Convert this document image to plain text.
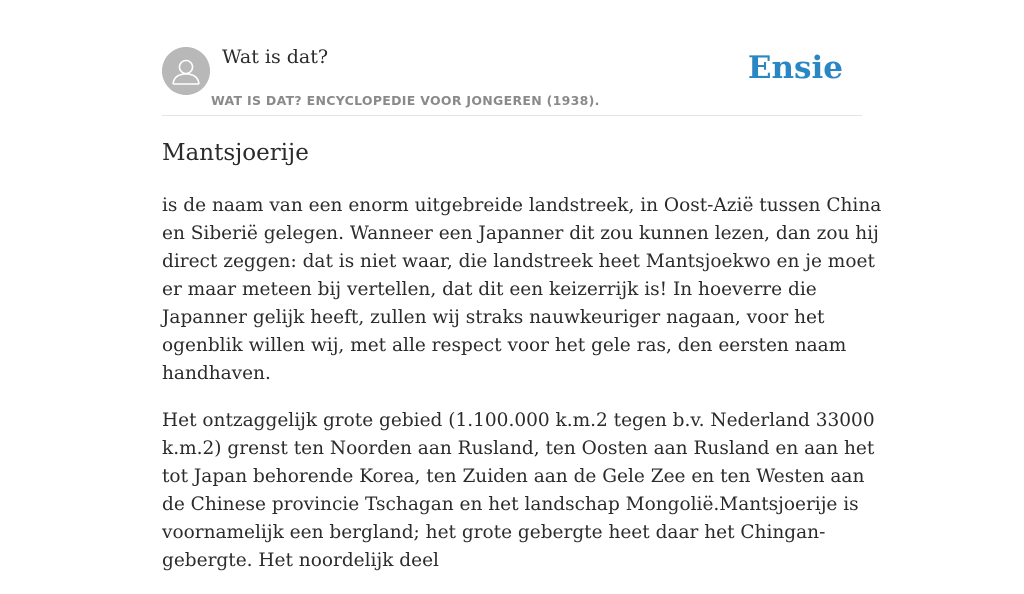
Wat is dat?
WAT IS DAT? ENCYCLOPEDIE VOOR JONGEREN (1938).
Ensie
Mantsjoerije

is de naam van een enorm uitgebreide landstreek, in Oost-Azië tussen China en Siberië gelegen. Wanneer een Japanner dit zou kunnen lezen, dan zou hij direct zeggen: dat is niet waar, die landstreek heet Mantsjoekwo en je moet er maar meteen bij vertellen, dat dit een keizerrijk is! In hoeverre die Japanner gelijk heeft, zullen wij straks nauwkeuriger nagaan, voor het ogenblik willen wij, met alle respect voor het gele ras, den eersten naam handhaven.

Het ontzaggelijk grote gebied (1.100.000 k.m.2 tegen b.v. Nederland 33000 k.m.2) grenst ten Noorden aan Rusland, ten Oosten aan Rusland en aan het tot Japan behorende Korea, ten Zuiden aan de Gele Zee en ten Westen aan de Chinese provincie Tschagan en het landschap Mongolië.Mantsjoerije is voornamelijk een bergland; het grote gebergte heet daar het Chingan-gebergte. Het noordelijk deel
